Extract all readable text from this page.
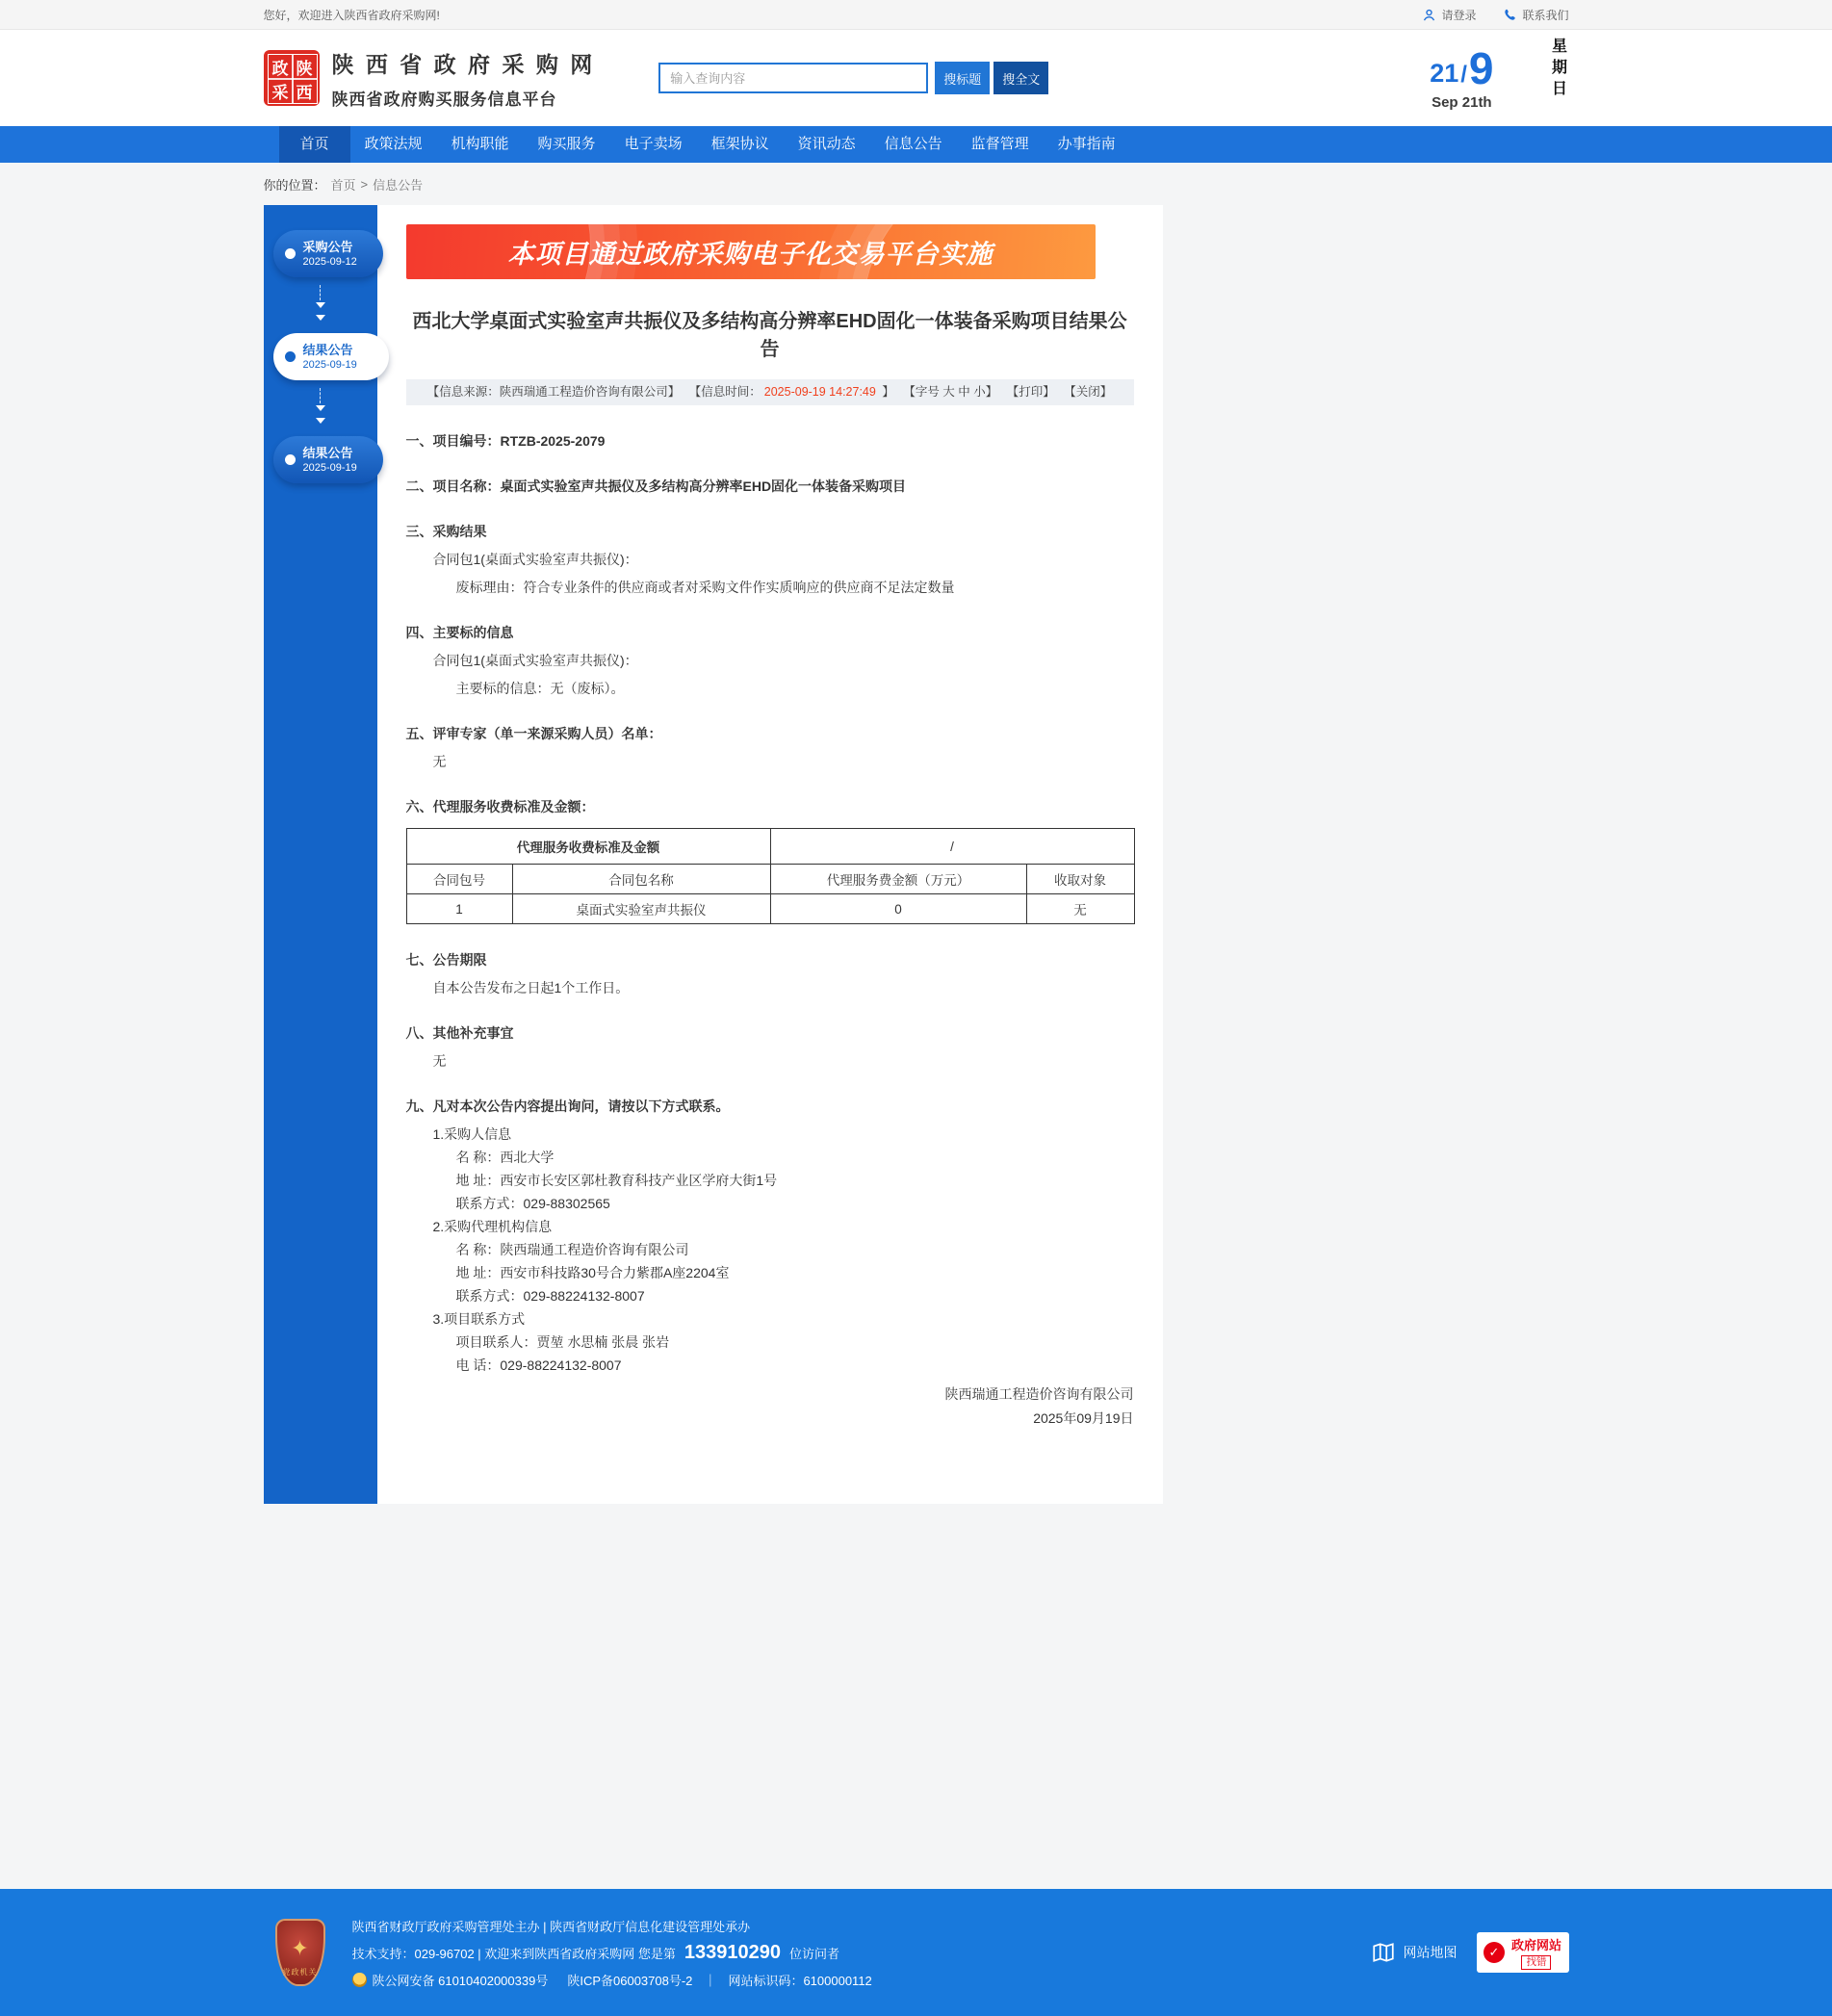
您好，欢迎进入陕西省政府采购网!	请登录	联系我们
政 陕
采 西
陕 西 省 政 府 采 购 网
陕西省政府购买服务信息平台
输入查询内容
搜标题	搜全文	21 / 9
Sep 21th
星期日
首页	政策法规	机构职能	购买服务	电子卖场	框架协议	资讯动态	信息公告	监督管理	办事指南
你的位置： 首页 > 信息公告
采购公告
2025-09-12
结果公告
2025-09-19
结果公告
2025-09-19
本项目通过政府采购电子化交易平台实施
西北大学桌面式实验室声共振仪及多结构高分辨率EHD固化一体装备采购项目结果公告
【信息来源：陕西瑞通工程造价咨询有限公司】 【信息时间： 2025-09-19 14:27:49 】 【字号 大 中 小】 【打印】 【关闭】
一、项目编号：RTZB-2025-2079
二、项目名称：桌面式实验室声共振仪及多结构高分辨率EHD固化一体装备采购项目
三、采购结果
合同包1(桌面式实验室声共振仪)：
废标理由：符合专业条件的供应商或者对采购文件作实质响应的供应商不足法定数量
四、主要标的信息
合同包1(桌面式实验室声共振仪)：
主要标的信息：无（废标）。
五、评审专家（单一来源采购人员）名单：
无
六、代理服务收费标准及金额：
代理服务收费标准及金额		/	
合同包号	合同包名称	代理服务费金额（万元）	收取对象
1	桌面式实验室声共振仪	0	无
七、公告期限
自本公告发布之日起1个工作日。
八、其他补充事宜
无
九、凡对本次公告内容提出询问，请按以下方式联系。
1.采购人信息
名 称：西北大学
地 址：西安市长安区郭杜教育科技产业区学府大街1号
联系方式：029-88302565
2.采购代理机构信息
名 称：陕西瑞通工程造价咨询有限公司
地 址：西安市科技路30号合力紫郡A座2204室
联系方式：029-88224132-8007
3.项目联系方式
项目联系人：贾堃 水思楠 张晨 张岩
电 话：029-88224132-8007
陕西瑞通工程造价咨询有限公司
2025年09月19日
✦
党政机关
陕西省财政厅政府采购管理处主办 | 陕西省财政厅信息化建设管理处承办
技术支持：029-96702 | 欢迎来到陕西省政府采购网 您是第 133910290 位访问者
陕公网安备 61010402000339号 陕ICP备06003708号-2 ｜ 网站标识码：6100000112
网站地图	✓ 政府网站
找错
